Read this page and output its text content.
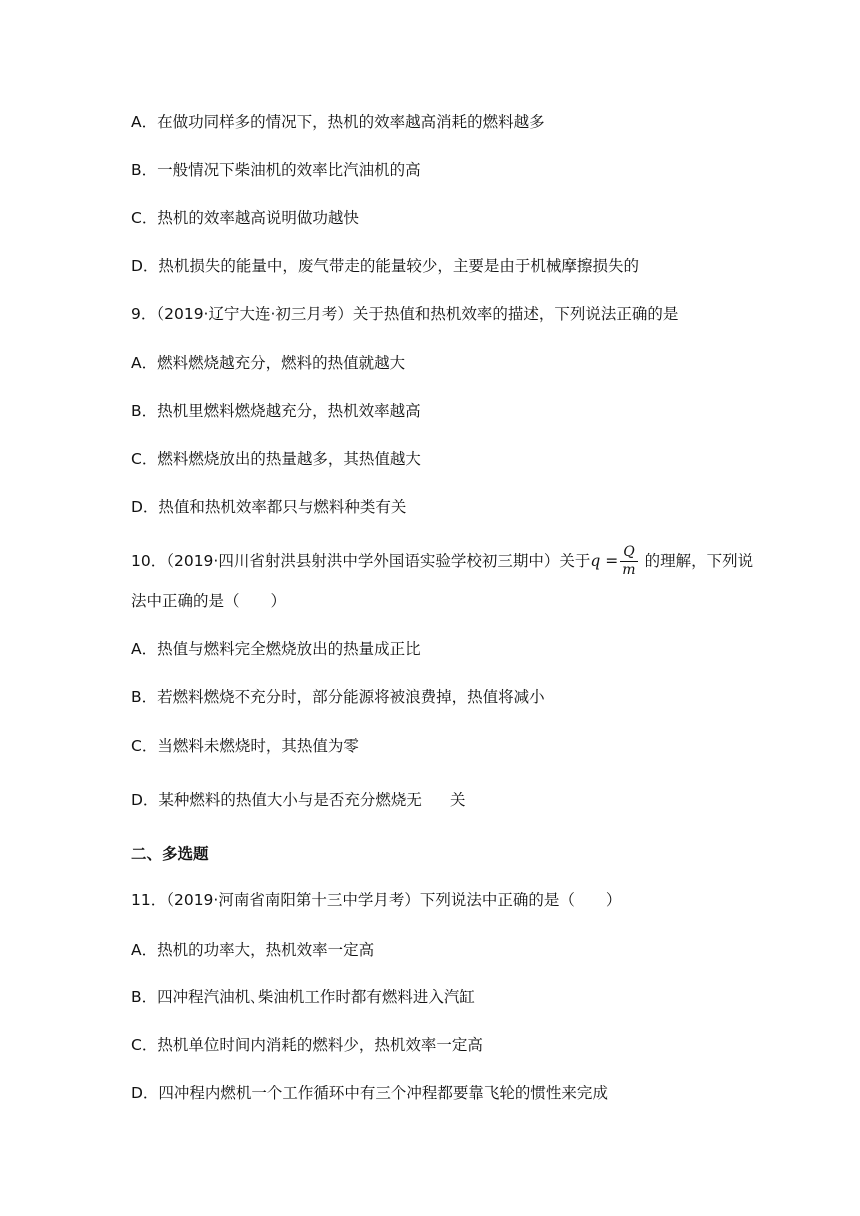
A．在做功同样多的情况下，热机的效率越高消耗的燃料越多
B．一般情况下柴油机的效率比汽油机的高
C．热机的效率越高说明做功越快
D．热机损失的能量中，废气带走的能量较少，主要是由于机械摩擦损失的
9．（2019·辽宁大连·初三月考）关于热值和热机效率的描述，下列说法正确的是
A．燃料燃烧越充分，燃料的热值就越大
B．热机里燃料燃烧越充分，热机效率越高
C．燃料燃烧放出的热量越多，其热值越大
D．热值和热机效率都只与燃料种类有关
10．（2019·四川省射洪县射洪中学外国语实验学校初三期中）关于$q = \frac{Q}{m}$ 的理解，下列说
法中正确的是（　　）
A．热值与燃料完全燃烧放出的热量成正比
B．若燃料燃烧不充分时，部分能源将被浪费掉，热值将减小
C．当燃料未燃烧时，其热值为零
D．某种燃料的热值大小与是否充分燃烧无 关
二、多选题
11．（2019·河南省南阳第十三中学月考）下列说法中正确的是（　　）
A．热机的功率大，热机效率一定高
B．四冲程汽油机､柴油机工作时都有燃料进入汽缸
C．热机单位时间内消耗的燃料少，热机效率一定高
D．四冲程内燃机一个工作循环中有三个冲程都要靠飞轮的惯性来完成
